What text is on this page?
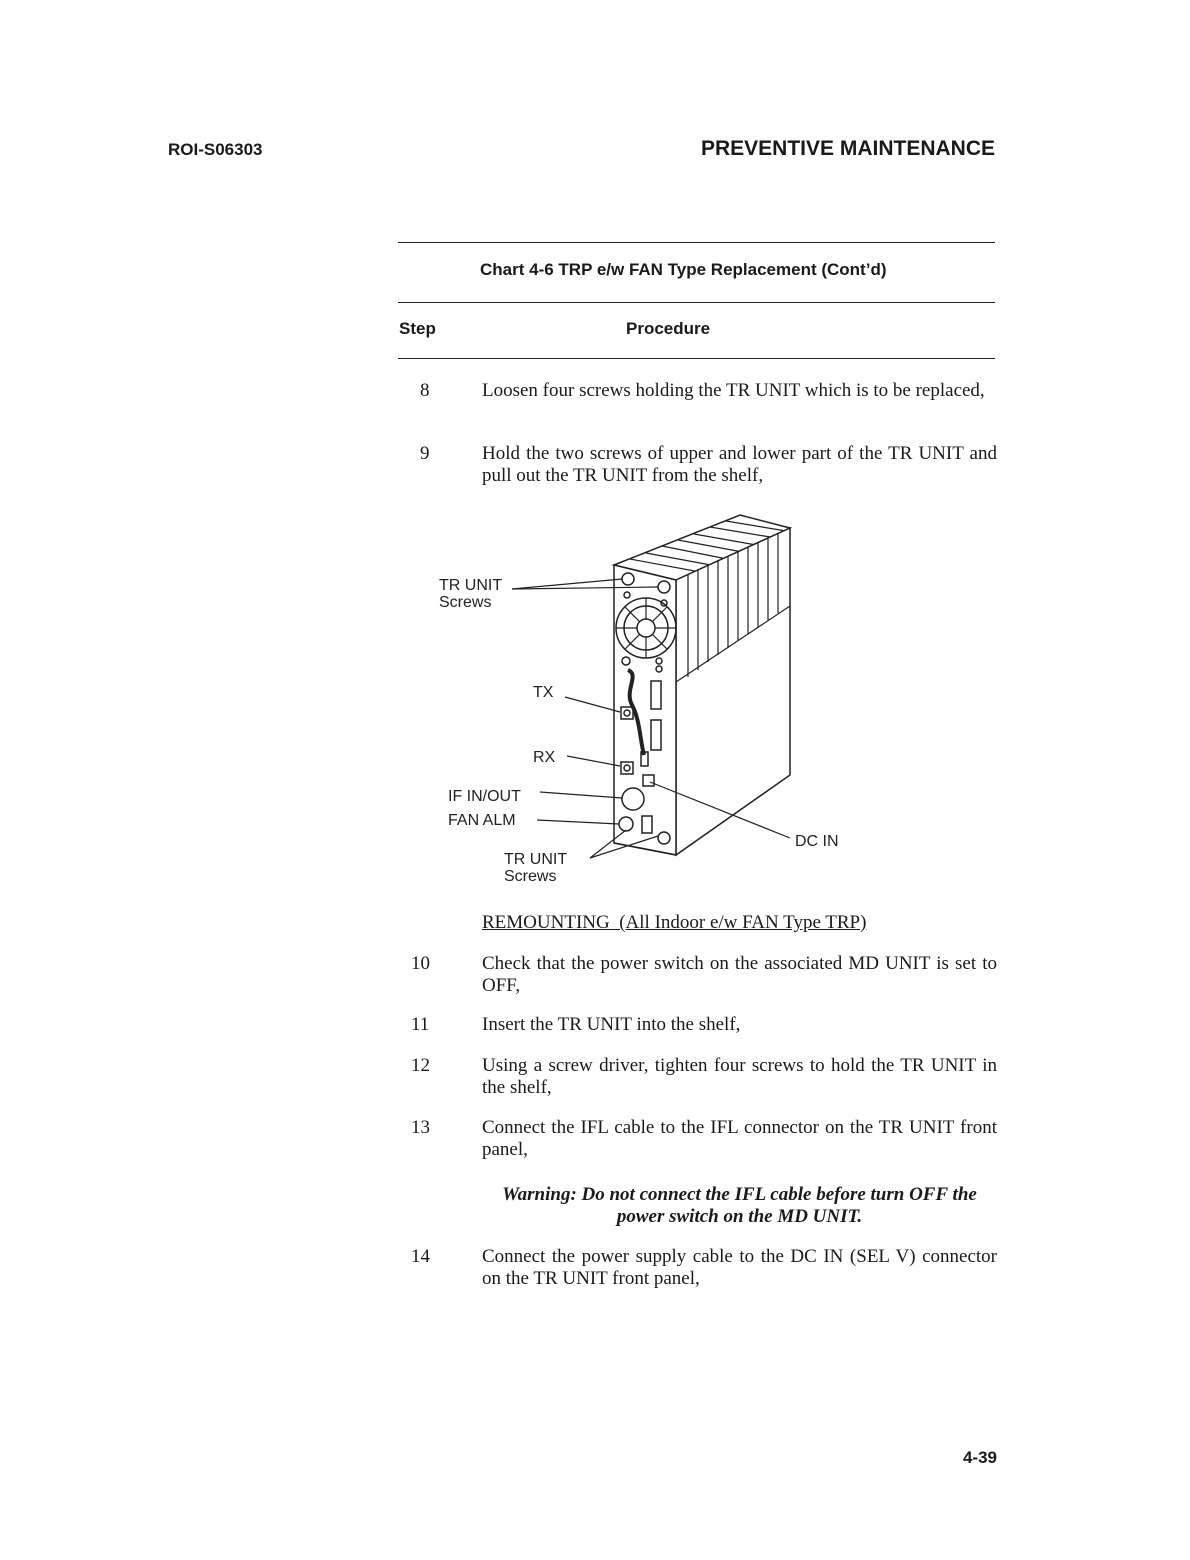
ROI-S06303	PREVENTIVE MAINTENANCE
Chart 4-6 TRP e/w FAN Type Replacement (Cont’d)
Step	Procedure
8	Loosen four screws holding the TR UNIT which is to be replaced,
9	Hold the two screws of upper and lower part of the TR UNIT and pull out the TR UNIT from the shelf,
TR UNIT
Screws
TX
RX
IF IN/OUT
FAN ALM
TR UNIT
Screws
DC IN
REMOUNTING  (All Indoor e/w FAN Type TRP)
10	Check that the power switch on the associated MD UNIT is set to OFF,
11	Insert the TR UNIT into the shelf,
12	Using a screw driver, tighten four screws to hold the TR UNIT in the shelf,
13	Connect the IFL cable to the IFL connector on the TR UNIT front panel,
Warning: Do not connect the IFL cable before turn OFF the
power switch on the MD UNIT.
14	Connect the power supply cable to the DC IN (SEL V) connector on the TR UNIT front panel,
4-39
